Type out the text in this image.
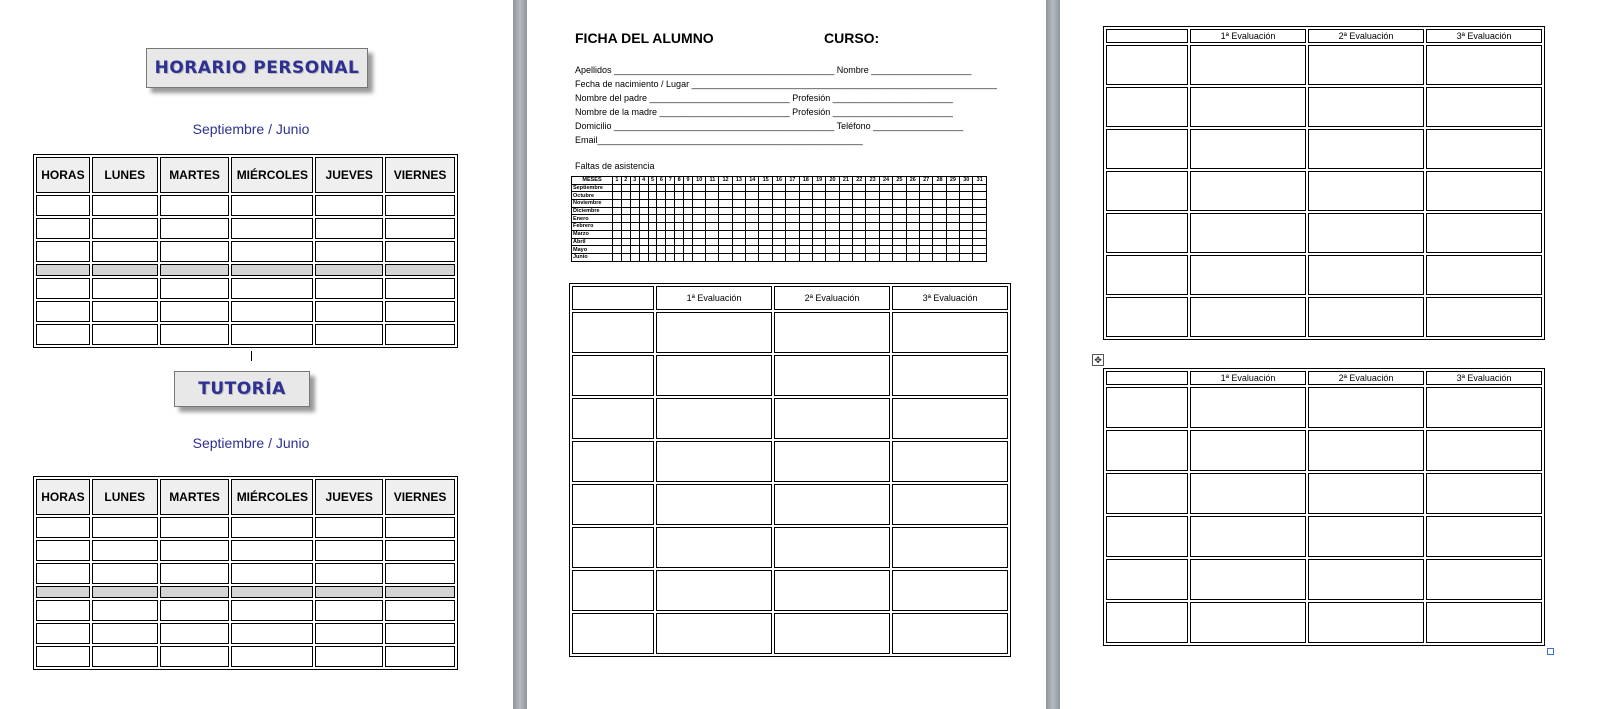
HORARIO PERSONAL
Septiembre / Junio
HORAS	LUNES	MARTES	MIÉRCOLES	JUEVES	VIERNES

TUTORÍA
Septiembre / Junio
HORAS	LUNES	MARTES	MIÉRCOLES	JUEVES	VIERNES

FICHA DEL ALUMNO	CURSO:
Apellidos ____________________________________________ Nombre ____________________
Fecha de nacimiento / Lugar _____________________________________________________________
Nombre del padre ____________________________ Profesión ________________________
Nombre de la madre __________________________ Profesión ________________________
Domicilio ____________________________________________ Teléfono __________________
Email_____________________________________________________
Faltas de asistencia
MESES	1	2	3	4	5	6	7	8	9	10	11	12	13	14	15	16	17	18	19	20	21	22	23	24	25	26	27	28	29	30	31
Septiembre																															
Octubre																															
Noviembre																															
Diciembre																															
Enero																															
Febrero																															
Marzo																															
Abril																															
Mayo																															
Junio																															
	1ª Evaluación	2ª Evaluación	3ª Evaluación

	1ª Evaluación	2ª Evaluación	3ª Evaluación

	1ª Evaluación	2ª Evaluación	3ª Evaluación

✥
